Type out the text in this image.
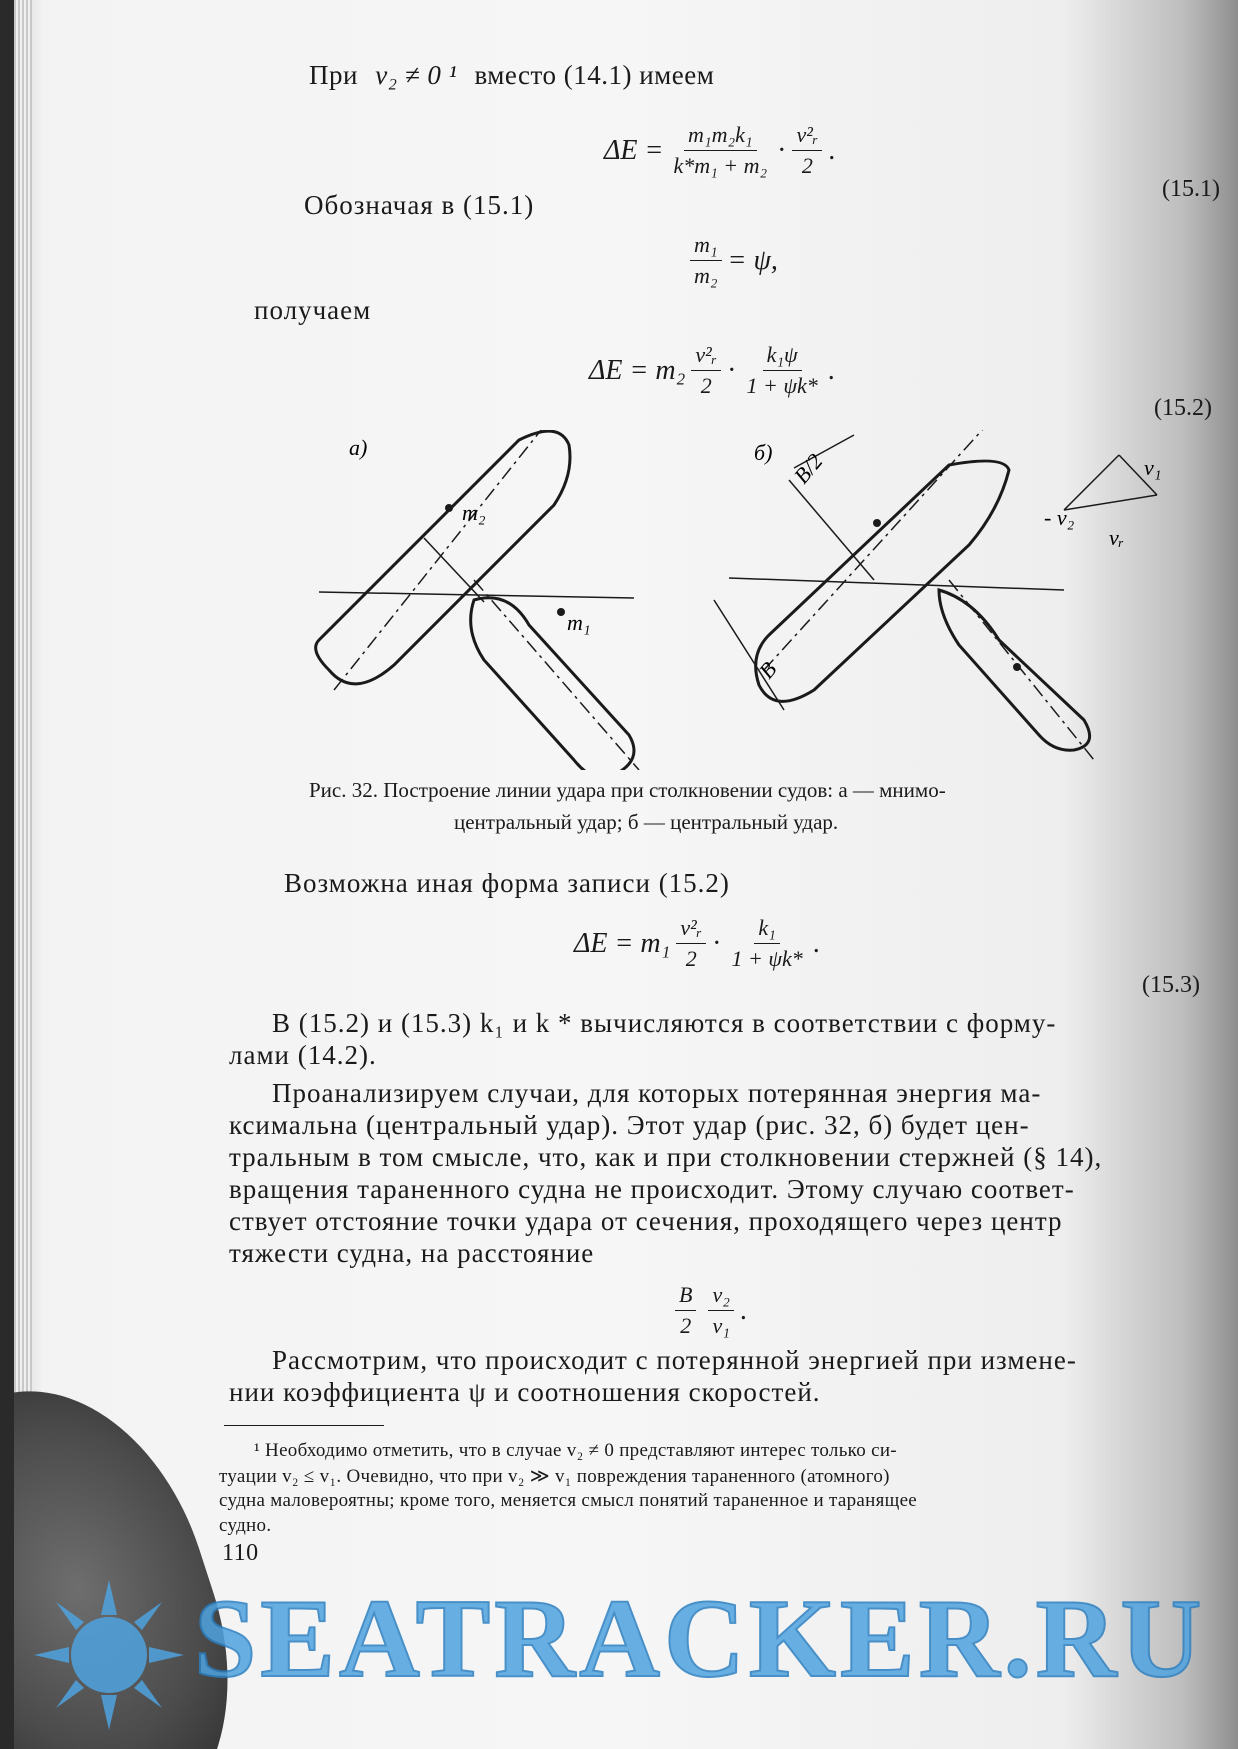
При v₂ ≠ 0 ¹ вместо (14.1) имеем
$\Delta E = \frac{\text{m₁m₂k₁}}{\text{k*m₁ + m₂}} \cdot \frac{\text{v²ᵣ}}{2}$ .
(15.1)
Обозначая в (15.1)
$\frac{\text{m₁}}{\text{m₂}} = \psi$,
получаем
$\Delta E = m_2 \frac{\text{v²ᵣ}}{2} \cdot \frac{\text{k₁ψ}}{1 + \psi k*}$ .
(15.2)
а)	б)
m₂
m₁
B/2
B
- v₂
v₁
vᵣ
Рис. 32. Построение линии удара при столкновении судов: а — мнимо-
центральный удар; б — центральный удар.
Возможна иная форма записи (15.2)
$\Delta E = m_1 \frac{\text{v²ᵣ}}{2} \cdot \frac{\text{k₁}}{1 + \psi k*}$ .
(15.3)
В (15.2) и (15.3) k₁ и k * вычисляются в соответствии с форму-
лами (14.2).
Проанализируем случаи, для которых потерянная энергия ма-
ксимальна (центральный удар). Этот удар (рис. 32, б) будет цен-
тральным в том смысле, что, как и при столкновении стержней (§ 14),
вращения тараненного судна не происходит. Этому случаю соответ-
ствует отстояние точки удара от сечения, проходящего через центр
тяжести судна, на расстояние
$\frac{B}{2} \frac{\text{v₂}}{\text{v₁}}$ .
Рассмотрим, что происходит с потерянной энергией при измене-
нии коэффициента ψ и соотношения скоростей.
¹ Необходимо отметить, что в случае v₂ ≠ 0 представляют интерес только си-
туации v₂ ≤ v₁. Очевидно, что при v₂ ≫ v₁ повреждения тараненного (атомного)
судна маловероятны; кроме того, меняется смысл понятий тараненное и таранящее
судно.
110
SEATRACKER.RU
